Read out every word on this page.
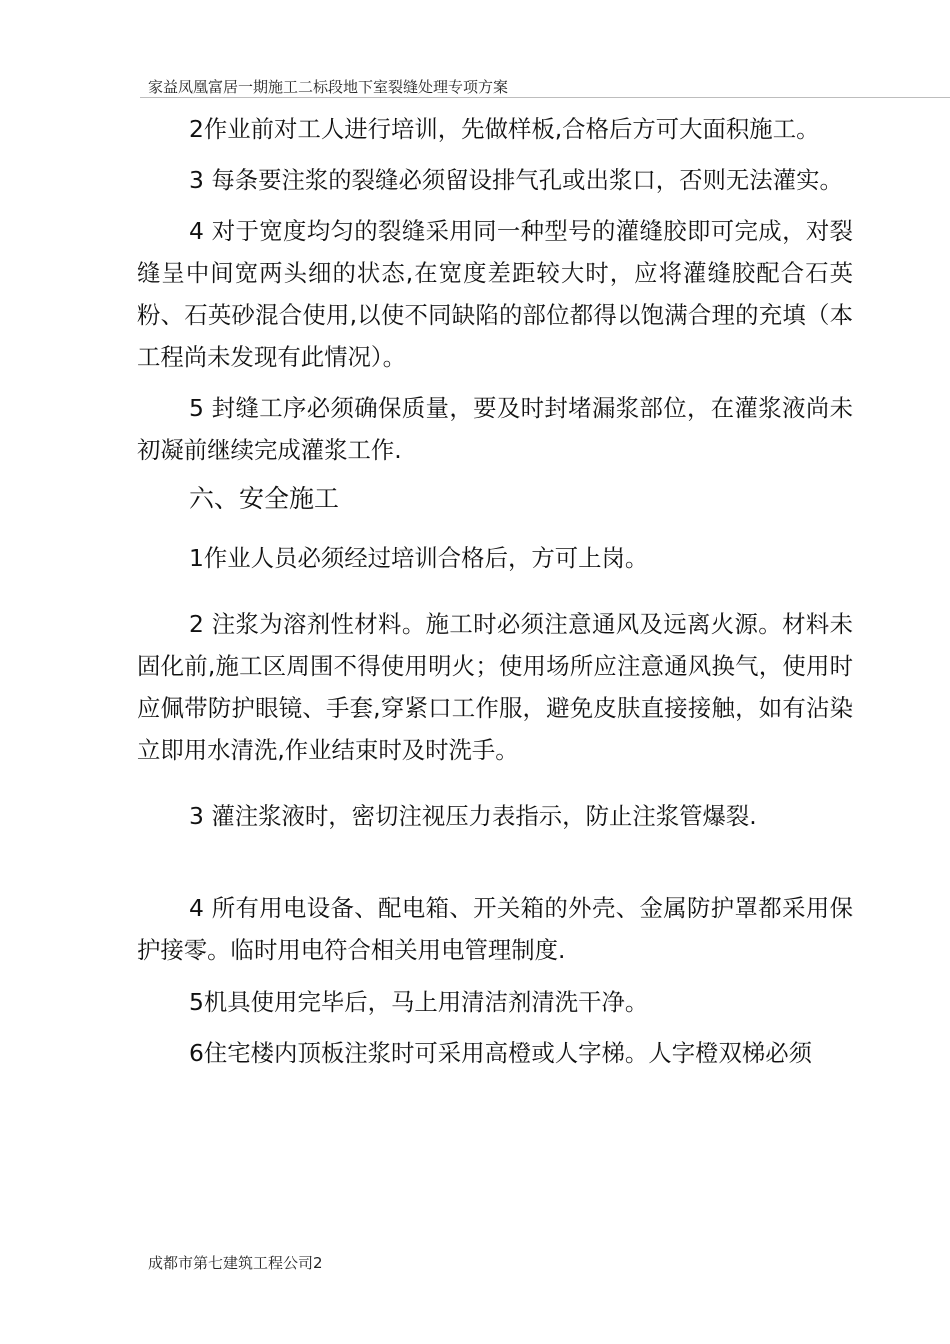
家益凤凰富居一期施工二标段地下室裂缝处理专项方案

2作业前对工人进行培训，先做样板,合格后方可大面积施工。

3 每条要注浆的裂缝必须留设排气孔或出浆口，否则无法灌实。

4 对于宽度均匀的裂缝采用同一种型号的灌缝胶即可完成，对裂缝呈中间宽两头细的状态,在宽度差距较大时，应将灌缝胶配合石英粉、石英砂混合使用,以使不同缺陷的部位都得以饱满合理的充填（本工程尚未发现有此情况）。

5 封缝工序必须确保质量，要及时封堵漏浆部位，在灌浆液尚未初凝前继续完成灌浆工作.

六、安全施工

1作业人员必须经过培训合格后，方可上岗。

2 注浆为溶剂性材料。施工时必须注意通风及远离火源。材料未固化前,施工区周围不得使用明火；使用场所应注意通风换气，使用时应佩带防护眼镜、手套,穿紧口工作服，避免皮肤直接接触，如有沾染立即用水清洗,作业结束时及时洗手。

3 灌注浆液时，密切注视压力表指示，防止注浆管爆裂.

4 所有用电设备、配电箱、开关箱的外壳、金属防护罩都采用保护接零。临时用电符合相关用电管理制度.

5机具使用完毕后，马上用清洁剂清洗干净。

6住宅楼内顶板注浆时可采用高橙或人字梯。人字橙双梯必须

成都市第七建筑工程公司2
